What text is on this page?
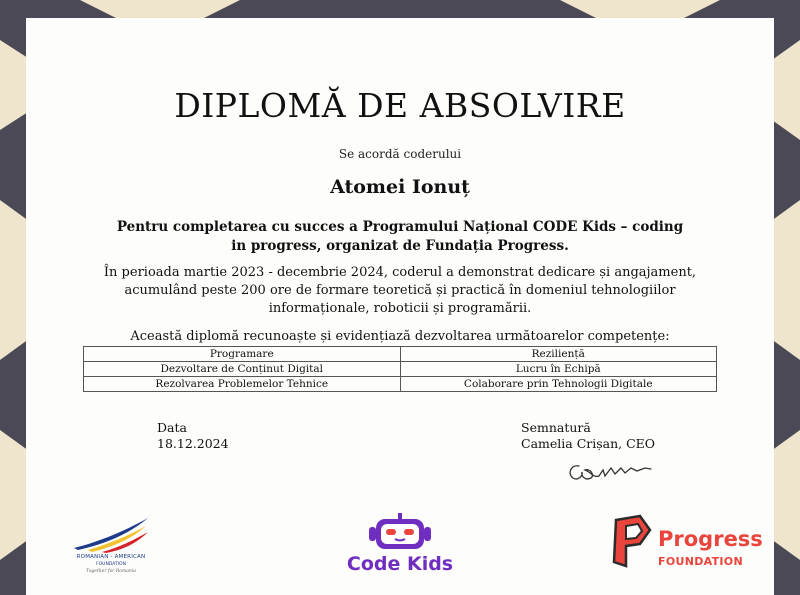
DIPLOMĂ DE ABSOLVIRE
Se acordă coderului
Atomei Ionuț
Pentru completarea cu succes a Programului Național CODE Kids – coding in progress, organizat de Fundația Progress.
În perioada martie 2023 - decembrie 2024, coderul a demonstrat dedicare și angajament, acumulând peste 200 ore de formare teoretică și practică în domeniul tehnologiilor informaționale, roboticii și programării.
Această diplomă recunoaște și evidențiază dezvoltarea următoarelor competențe:
Programare	Reziliență
Dezvoltare de Conținut Digital	Lucru în Echipă
Rezolvarea Problemelor Tehnice	Colaborare prin Tehnologii Digitale
Data
18.12.2024
Semnatură
Camelia Crișan, CEO
ROMANIAN - AMERICAN
FOUNDATION
Together for Romania	Code Kids
Progress
FOUNDATION
